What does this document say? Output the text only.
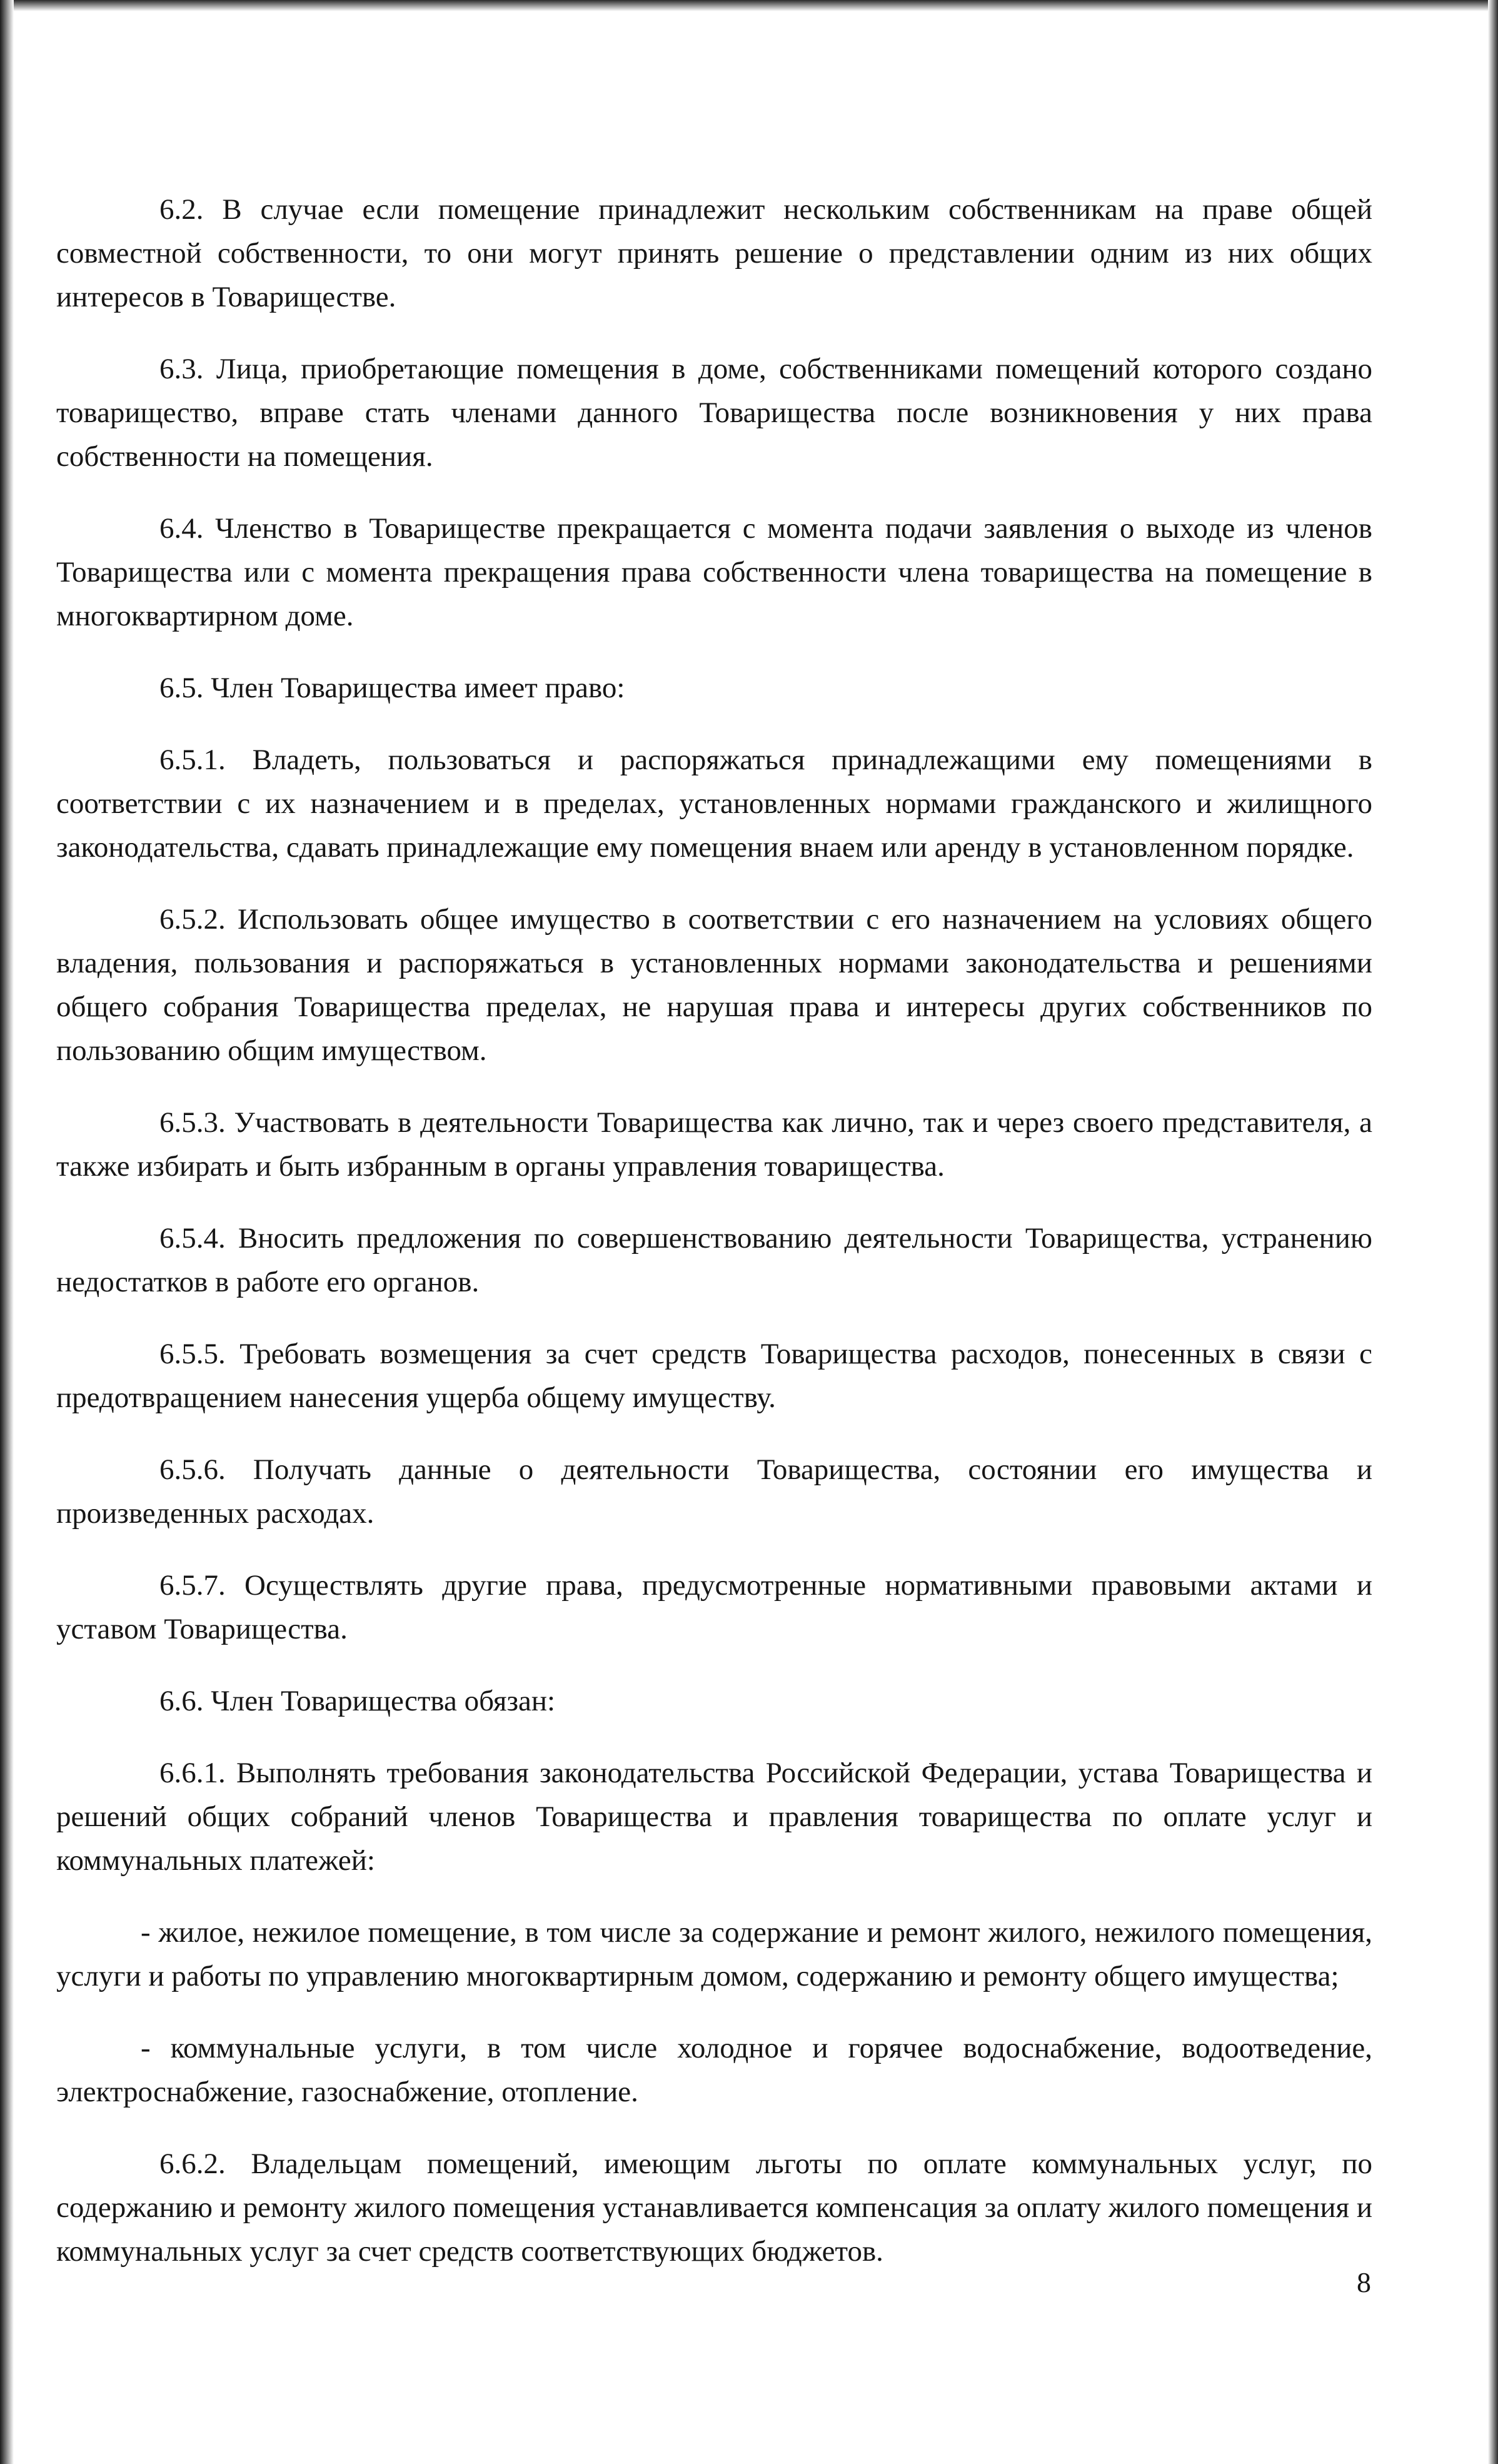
6.2. В случае если помещение принадлежит нескольким собственникам на праве общей совместной собственности, то они могут принять решение о представлении одним из них общих интересов в Товариществе.

6.3. Лица, приобретающие помещения в доме, собственниками помещений которого создано товарищество, вправе стать членами данного Товарищества после возникновения у них права собственности на помещения.

6.4. Членство в Товариществе прекращается с момента подачи заявления о выходе из членов Товарищества или с момента прекращения права собственности члена товарищества на помещение в многоквартирном доме.

6.5. Член Товарищества имеет право:

6.5.1. Владеть, пользоваться и распоряжаться принадлежащими ему помещениями в соответствии с их назначением и в пределах, установленных нормами гражданского и жилищного законодательства, сдавать принадлежащие ему помещения внаем или аренду в установленном порядке.

6.5.2. Использовать общее имущество в соответствии с его назначением на условиях общего владения, пользования и распоряжаться в установленных нормами законодательства и решениями общего собрания Товарищества пределах, не нарушая права и интересы других собственников по пользованию общим имуществом.

6.5.3. Участвовать в деятельности Товарищества как лично, так и через своего представителя, а также избирать и быть избранным в органы управления товарищества.

6.5.4. Вносить предложения по совершенствованию деятельности Товарищества, устранению недостатков в работе его органов.

6.5.5. Требовать возмещения за счет средств Товарищества расходов, понесенных в связи с предотвращением нанесения ущерба общему имуществу.

6.5.6. Получать данные о деятельности Товарищества, состоянии его имущества и произведенных расходах.

6.5.7. Осуществлять другие права, предусмотренные нормативными правовыми актами и уставом Товарищества.

6.6. Член Товарищества обязан:

6.6.1. Выполнять требования законодательства Российской Федерации, устава Товарищества и решений общих собраний членов Товарищества и правления товарищества по оплате услуг и коммунальных платежей:

- жилое, нежилое помещение, в том числе за содержание и ремонт жилого, нежилого помещения, услуги и работы по управлению многоквартирным домом, содержанию и ремонту общего имущества;

- коммунальные услуги, в том числе холодное и горячее водоснабжение, водоотведение, электроснабжение, газоснабжение, отопление.

6.6.2. Владельцам помещений, имеющим льготы по оплате коммунальных услуг, по содержанию и ремонту жилого помещения устанавливается компенсация за оплату жилого помещения и коммунальных услуг за счет средств соответствующих бюджетов.

8
